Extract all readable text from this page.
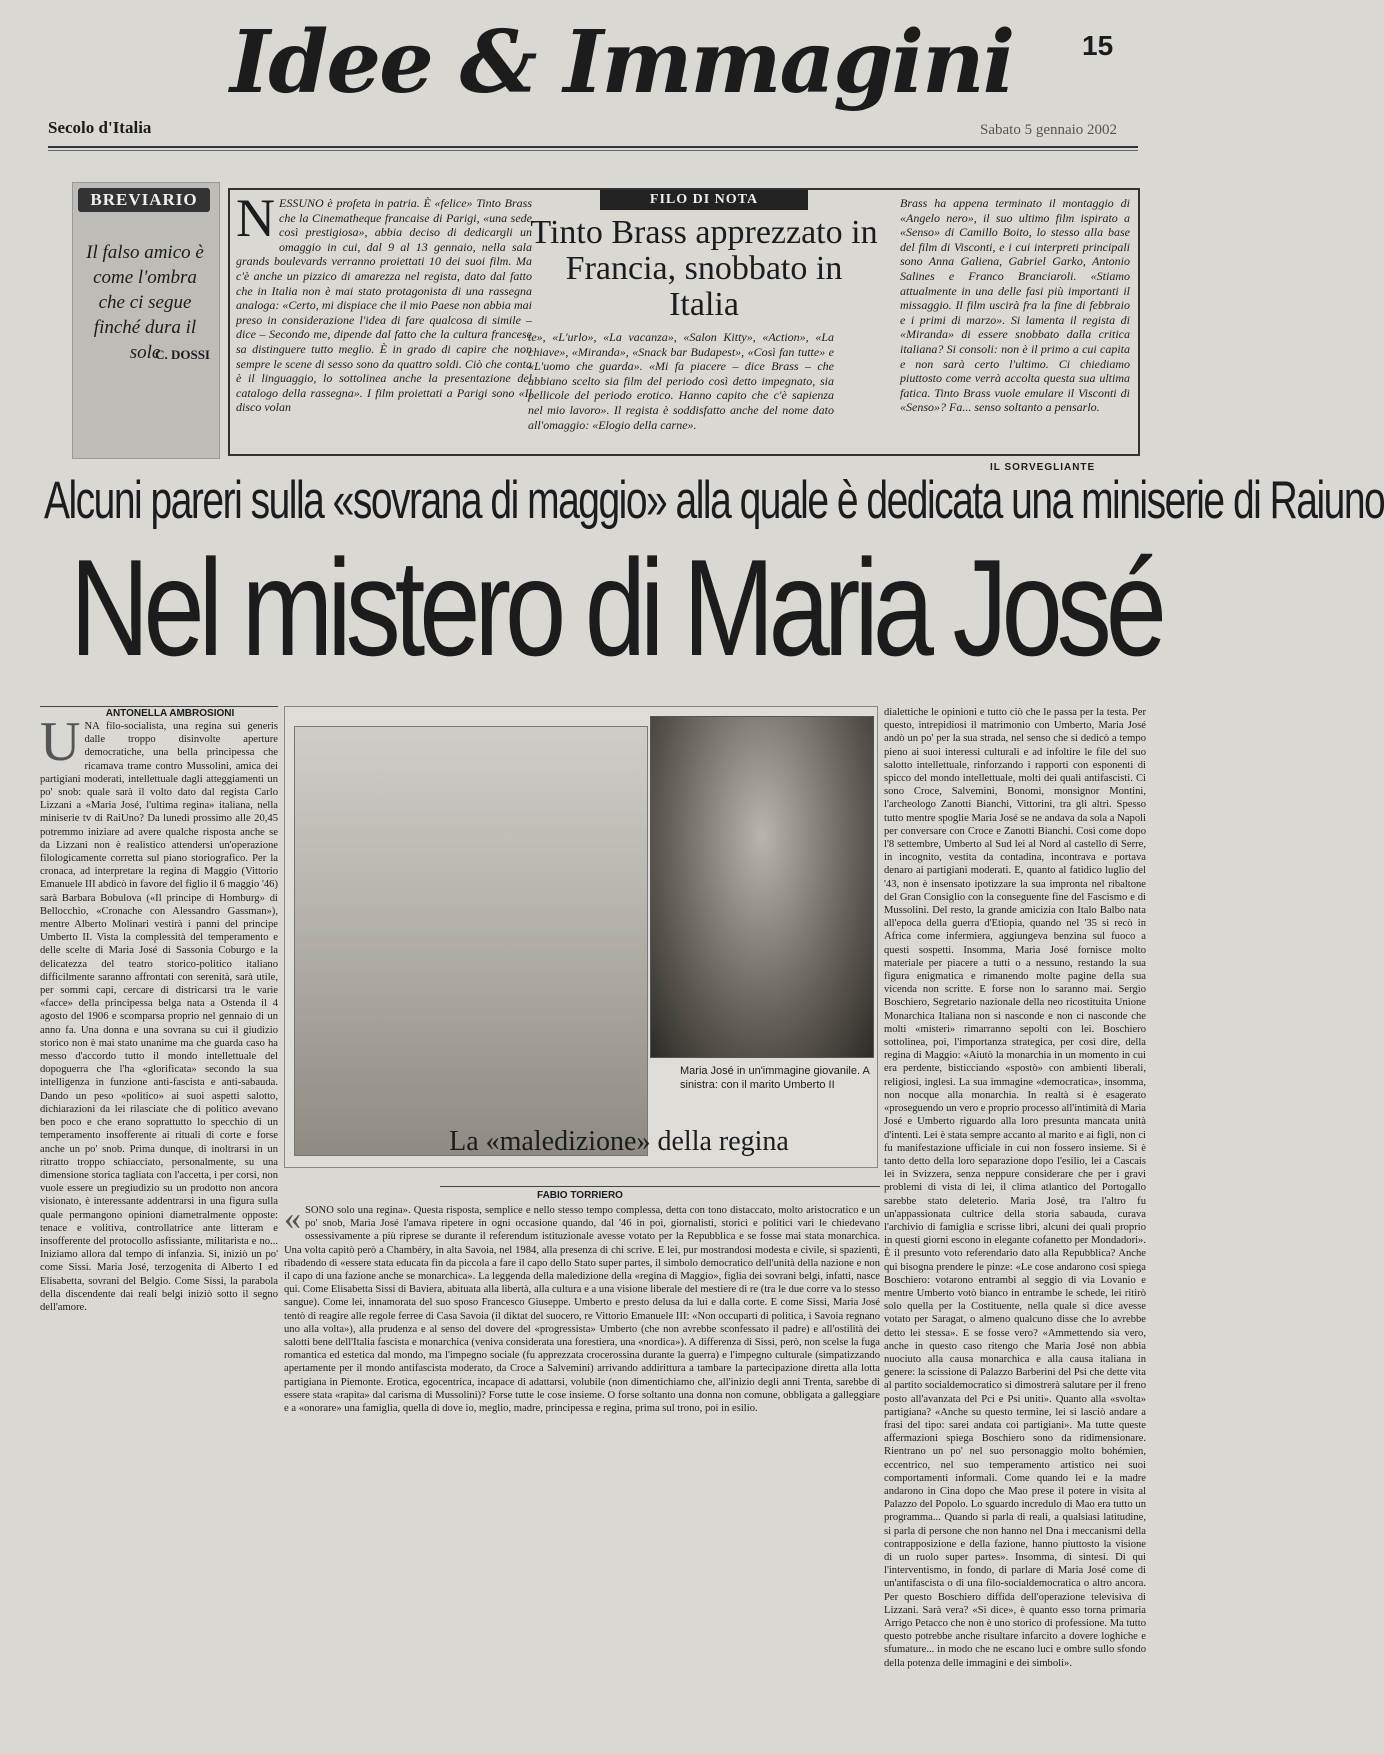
15
Idee & Immagini
Secolo d'Italia	Sabato 5 gennaio 2002
BREVIARIO
Il falso amico è come l'ombra che ci segue finché dura il sole
C. DOSSI
NESSUNO è profeta in patria. È «felice» Tinto Brass che la Cinematheque francaise di Parigi, «una sede così prestigiosa», abbia deciso di dedicargli un omaggio in cui, dal 9 al 13 gennaio, nella sala grands boulevards verranno proiettati 10 dei suoi film. Ma c'è anche un pizzico di amarezza nel regista, dato dal fatto che in Italia non è mai stato protagonista di una rassegna analoga: «Certo, mi dispiace che il mio Paese non abbia mai preso in considerazione l'idea di fare qualcosa di simile – dice – Secondo me, dipende dal fatto che la cultura francese sa distinguere tutto meglio. È in grado di capire che non sempre le scene di sesso sono da quattro soldi. Ciò che conta è il linguaggio, lo sottolinea anche la presentazione del catalogo della rassegna». I film proiettati a Parigi sono «Il disco volan
FILO DI NOTA
Tinto Brass apprezzato in Francia, snobbato in Italia
te», «L'urlo», «La vacanza», «Salon Kitty», «Action», «La chiave», «Miranda», «Snack bar Budapest», «Così fan tutte» e «L'uomo che guarda». «Mi fa piacere – dice Brass – che abbiano scelto sia film del periodo così detto impegnato, sia pellicole del periodo erotico. Hanno capito che c'è sapienza nel mio lavoro». Il regista è soddisfatto anche del nome dato all'omaggio: «Elogio della carne».
Brass ha appena terminato il montaggio di «Angelo nero», il suo ultimo film ispirato a «Senso» di Camillo Boito, lo stesso alla base del film di Visconti, e i cui interpreti principali sono Anna Galiena, Gabriel Garko, Antonio Salines e Franco Branciaroli. «Stiamo attualmente in una delle fasi più importanti il missaggio. Il film uscirà fra la fine di febbraio e i primi di marzo». Si lamenta il regista di «Miranda» di essere snobbato dalla critica italiana? Si consoli: non è il primo a cui capita e non sarà certo l'ultimo. Ci chiediamo piuttosto come verrà accolta questa sua ultima fatica. Tinto Brass vuole emulare il Visconti di «Senso»? Fa... senso soltanto a pensarlo.
IL SORVEGLIANTE
Alcuni pareri sulla «sovrana di maggio» alla quale è dedicata una miniserie di Raiuno
Nel mistero di Maria José
ANTONELLA AMBROSIONI
UNA filo-socialista, una regina sui generis dalle troppo disinvolte aperture democratiche, una bella principessa che ricamava trame contro Mussolini, amica dei partigiani moderati, intellettuale dagli atteggiamenti un po' snob: quale sarà il volto dato dal regista Carlo Lizzani a «Maria José, l'ultima regina» italiana, nella miniserie tv di RaiUno? Da lunedì prossimo alle 20,45 potremmo iniziare ad avere qualche risposta anche se da Lizzani non è realistico attendersi un'operazione filologicamente corretta sul piano storiografico. Per la cronaca, ad interpretare la regina di Maggio (Vittorio Emanuele III abdicò in favore del figlio il 6 maggio '46) sarà Barbara Bobulova («Il principe di Homburg» di Bellocchio, «Cronache con Alessandro Gassman»), mentre Alberto Molinari vestirà i panni del principe Umberto II. Vista la complessità del temperamento e delle scelte di Maria José di Sassonia Coburgo e la delicatezza del teatro storico-politico italiano difficilmente saranno affrontati con serenità, sarà utile, per sommi capi, cercare di districarsi tra le varie «facce» della principessa belga nata a Ostenda il 4 agosto del 1906 e scomparsa proprio nel gennaio di un anno fa. Una donna e una sovrana su cui il giudizio storico non è mai stato unanime ma che guarda caso ha messo d'accordo tutto il mondo intellettuale del dopoguerra che l'ha «glorificata» secondo la sua intelligenza in funzione anti-fascista e anti-sabauda. Dando un peso «politico» ai suoi aspetti salotto, dichiarazioni da lei rilasciate che di politico avevano ben poco e che erano soprattutto lo specchio di un temperamento insofferente ai rituali di corte e forse anche un po' snob. Prima dunque, di inoltrarsi in un ritratto troppo schiacciato, personalmente, su una dimensione storica tagliata con l'accetta, i per corsi, non vuole essere un pregiudizio su un prodotto non ancora visionato, è interessante addentrarsi in una figura sulla quale permangono opinioni diametralmente opposte: tenace e volitiva, controllatrice ante litteram e insofferente del protocollo asfissiante, militarista e no... Iniziamo allora dal tempo di infanzia. Si, iniziò un po' come Sissi. Maria José, terzogenita di Alberto I ed Elisabetta, sovrani del Belgio. Come Sissi, la parabola della discendente dai reali belgi iniziò sotto il segno dell'amore.
Maria José in un'immagine giovanile. A sinistra: con il marito Umberto II
La «maledizione» della regina
FABIO TORRIERO
« SONO solo una regina». Questa risposta, semplice e nello stesso tempo complessa, detta con tono distaccato, molto aristocratico e un po' snob, Maria José l'amava ripetere in ogni occasione quando, dal '46 in poi, giornalisti, storici e politici vari le chiedevano ossessivamente a più riprese se durante il referendum istituzionale avesse votato per la Repubblica e se fosse mai stata monarchica. Una volta capitò però a Chambéry, in alta Savoia, nel 1984, alla presenza di chi scrive. E lei, pur mostrandosi modesta e civile, si spazientì, ribadendo di «essere stata educata fin da piccola a fare il capo dello Stato super partes, il simbolo democratico dell'unità della nazione e non il capo di una fazione anche se monarchica». La leggenda della maledizione della «regina di Maggio», figlia dei sovrani belgi, infatti, nasce qui. Come Elisabetta Sissi di Baviera, abituata alla libertà, alla cultura e a una visione liberale del mestiere di re (tra le due corre va lo stesso sangue). Come lei, innamorata del suo sposo Francesco Giuseppe. Umberto e presto delusa da lui e dalla corte. E come Sissi, Maria José tentò di reagire alle regole ferree di Casa Savoia (il diktat del suocero, re Vittorio Emanuele III: «Non occuparti di politica, i Savoia regnano uno alla volta»), alla prudenza e al senso del dovere del «progressista» Umberto (che non avrebbe sconfessato il padre) e all'ostilità dei salotti bene dell'Italia fascista e monarchica (veniva considerata una forestiera, una «nordica»). A differenza di Sissi, però, non scelse la fuga romantica ed estetica dal mondo, ma l'impegno sociale (fu apprezzata crocerossina durante la guerra) e l'impegno culturale (simpatizzando apertamente per il mondo antifascista moderato, da Croce a Salvemini) arrivando addirittura a tambare la partecipazione diretta alla lotta partigiana in Piemonte. Erotica, egocentrica, incapace di adattarsi, volubile (non dimentichiamo che, all'inizio degli anni Trenta, sarebbe di essere stata «rapita» dal carisma di Mussolini)? Forse tutte le cose insieme. O forse soltanto una donna non comune, obbligata a galleggiare e a «onorare» una famiglia, quella di dove io, meglio, madre, principessa e regina, prima sul trono, poi in esilio.
dialettiche le opinioni e tutto ciò che le passa per la testa. Per questo, intrepidiosi il matrimonio con Umberto, Maria José andò un po' per la sua strada, nel senso che si dedicò a tempo pieno ai suoi interessi culturali e ad infoltire le file del suo salotto intellettuale, rinforzando i rapporti con esponenti di spicco del mondo intellettuale, molti dei quali antifascisti. Ci sono Croce, Salvemini, Bonomi, monsignor Montini, l'archeologo Zanotti Bianchi, Vittorini, tra gli altri. Spesso tutto mentre spoglie Maria José se ne andava da sola a Napoli per conversare con Croce e Zanotti Bianchi. Così come dopo l'8 settembre, Umberto al Sud lei al Nord al castello di Serre, in incognito, vestita da contadina, incontrava e portava denaro ai partigiani moderati. E, quanto al fatidico luglio del '43, non è insensato ipotizzare la sua impronta nel ribaltone del Gran Consiglio con la conseguente fine del Fascismo e di Mussolini. Del resto, la grande amicizia con Italo Balbo nata all'epoca della guerra d'Etiopia, quando nel '35 si recò in Africa come infermiera, aggiungeva benzina sul fuoco a questi sospetti. Insomma, Maria José fornisce molto materiale per piacere a tutti o a nessuno, restando la sua figura enigmatica e rimanendo molte pagine della sua vicenda non scritte. E forse non lo saranno mai. Sergio Boschiero, Segretario nazionale della neo ricostituita Unione Monarchica Italiana non si nasconde e non ci nasconde che molti «misteri» rimarranno sepolti con lei. Boschiero sottolinea, poi, l'importanza strategica, per così dire, della regina di Maggio: «Aiutò la monarchia in un momento in cui era perdente, bisticciando «spostò» con ambienti liberali, religiosi, inglesi. La sua immagine «democratica», insomma, non nocque alla monarchia. In realtà si è esagerato «proseguendo un vero e proprio processo all'intimità di Maria José e Umberto riguardo alla loro presunta mancata unità d'intenti. Lei è stata sempre accanto al marito e ai figli, non ci fu manifestazione ufficiale in cui non fossero insieme. Si è tanto detto della loro separazione dopo l'esilio, lei a Cascais lei in Svizzera, senza neppure considerare che per i gravi problemi di vista di lei, il clima atlantico del Portogallo sarebbe stato deleterio. Maria José, tra l'altro fu un'appassionata cultrice della storia sabauda, curava l'archivio di famiglia e scrisse libri, alcuni dei quali proprio in questi giorni escono in elegante cofanetto per Mondadori». È il presunto voto referendario dato alla Repubblica? Anche qui bisogna prendere le pinze: «Le cose andarono così spiega Boschiero: votarono entrambi al seggio di via Lovanio e mentre Umberto votò bianco in entrambe le schede, lei ritirò solo quella per la Costituente, nella quale si dice avesse votato per Saragat, o almeno qualcuno disse che lo avrebbe detto lei stessa». E se fosse vero? «Ammettendo sia vero, anche in questo caso ritengo che Maria José non abbia nuociuto alla causa monarchica e alla causa italiana in genere: la scissione di Palazzo Barberini del Psi che dette vita al partito socialdemocratico si dimostrerà salutare per il freno posto all'avanzata del Pci e Psi uniti». Quanto alla «svolta» partigiana? «Anche su questo termine, lei si lasciò andare a frasi del tipo: sarei andata coi partigiani». Ma tutte queste affermazioni spiega Boschiero sono da ridimensionare. Rientrano un po' nel suo personaggio molto bohémien, eccentrico, nel suo temperamento artistico nei suoi comportamenti informali. Come quando lei e la madre andarono in Cina dopo che Mao prese il potere in visita al Palazzo del Popolo. Lo sguardo incredulo di Mao era tutto un programma... Quando si parla di reali, a qualsiasi latitudine, si parla di persone che non hanno nel Dna i meccanismi della contrapposizione e della fazione, hanno piuttosto la visione di un ruolo super partes». Insomma, di sintesi. Di qui l'interventismo, in fondo, di parlare di Maria José come di un'antifascista o di una filo-socialdemocratica o altro ancora. Per questo Boschiero diffida dell'operazione televisiva di Lizzani. Sarà vera? «Si dice», è quanto esso torna primaria Arrigo Petacco che non è uno storico di professione. Ma tutto questo potrebbe anche risultare infarcito a dovere loghiche e sfumature... in modo che ne escano luci e ombre sullo sfondo della potenza delle immagini e dei simboli».
